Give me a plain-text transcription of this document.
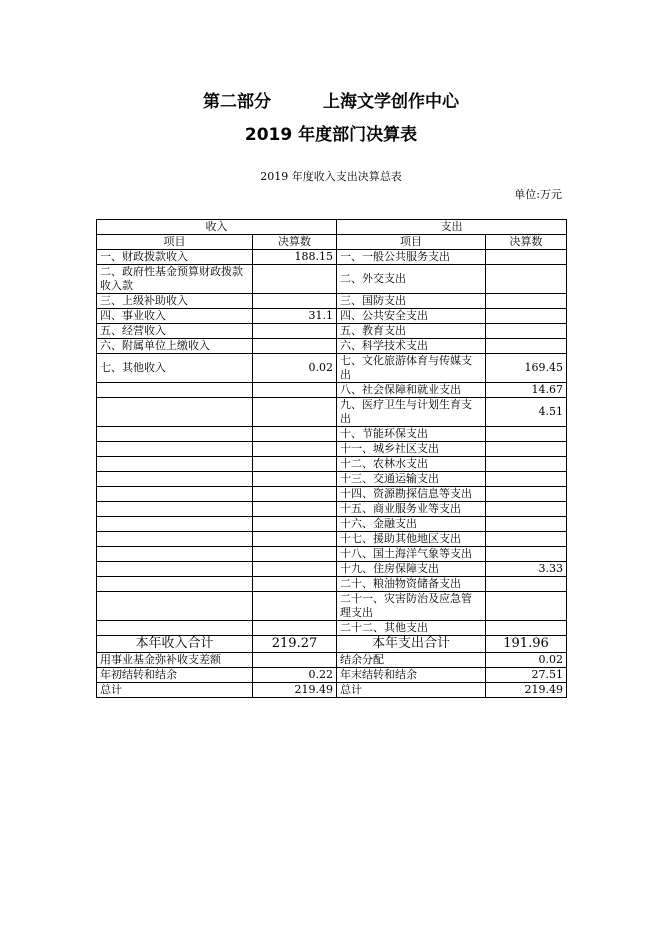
第二部分	上海文学创作中心
2019 年度部门决算表
2019 年度收入支出决算总表
单位:万元
收入		支出	
项目	决算数	项目	决算数
一、财政拨款收入	188.15	一、一般公共服务支出	
二、政府性基金预算财政拨款收入款		二、外交支出	
三、上级补助收入		三、国防支出	
四、事业收入	31.1	四、公共安全支出	
五、经营收入		五、教育支出	
六、附属单位上缴收入		六、科学技术支出	
七、其他收入	0.02	七、文化旅游体育与传媒支出	169.45
		八、社会保障和就业支出	14.67
		九、医疗卫生与计划生育支出	4.51
		十、节能环保支出	
		十一、城乡社区支出	
		十二、农林水支出	
		十三、交通运输支出	
		十四、资源勘探信息等支出	
		十五、商业服务业等支出	
		十六、金融支出	
		十七、援助其他地区支出	
		十八、国土海洋气象等支出	
		十九、住房保障支出	3.33
		二十、粮油物资储备支出	
		二十一、灾害防治及应急管理支出	
		二十二、其他支出	
本年收入合计	219.27	本年支出合计	191.96
用事业基金弥补收支差额		结余分配	0.02
年初结转和结余	0.22	年末结转和结余	27.51
总计	219.49	总计	219.49
